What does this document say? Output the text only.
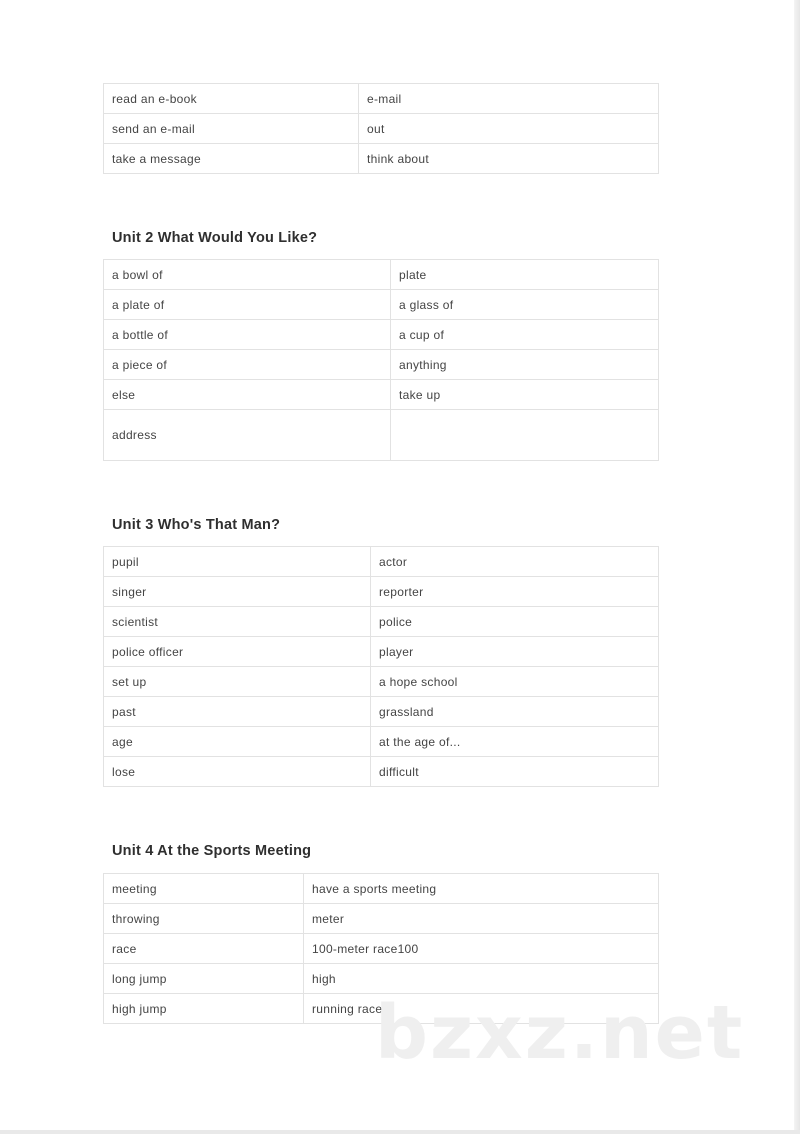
read an e-book	e-mail
send an e-mail	out
take a message	think about
Unit 2 What Would You Like?
a bowl of	plate
a plate of	a glass of
a bottle of	a cup of
a piece of	anything
else	take up
address	
Unit 3 Who's That Man?
pupil	actor
singer	reporter
scientist	police
police officer	player
set up	a hope school
past	grassland
age	at the age of...
lose	difficult
Unit 4 At the Sports Meeting
meeting	have a sports meeting
throwing	meter
race	100-meter race100
long jump	high
high jump	running race
bzxz.net
